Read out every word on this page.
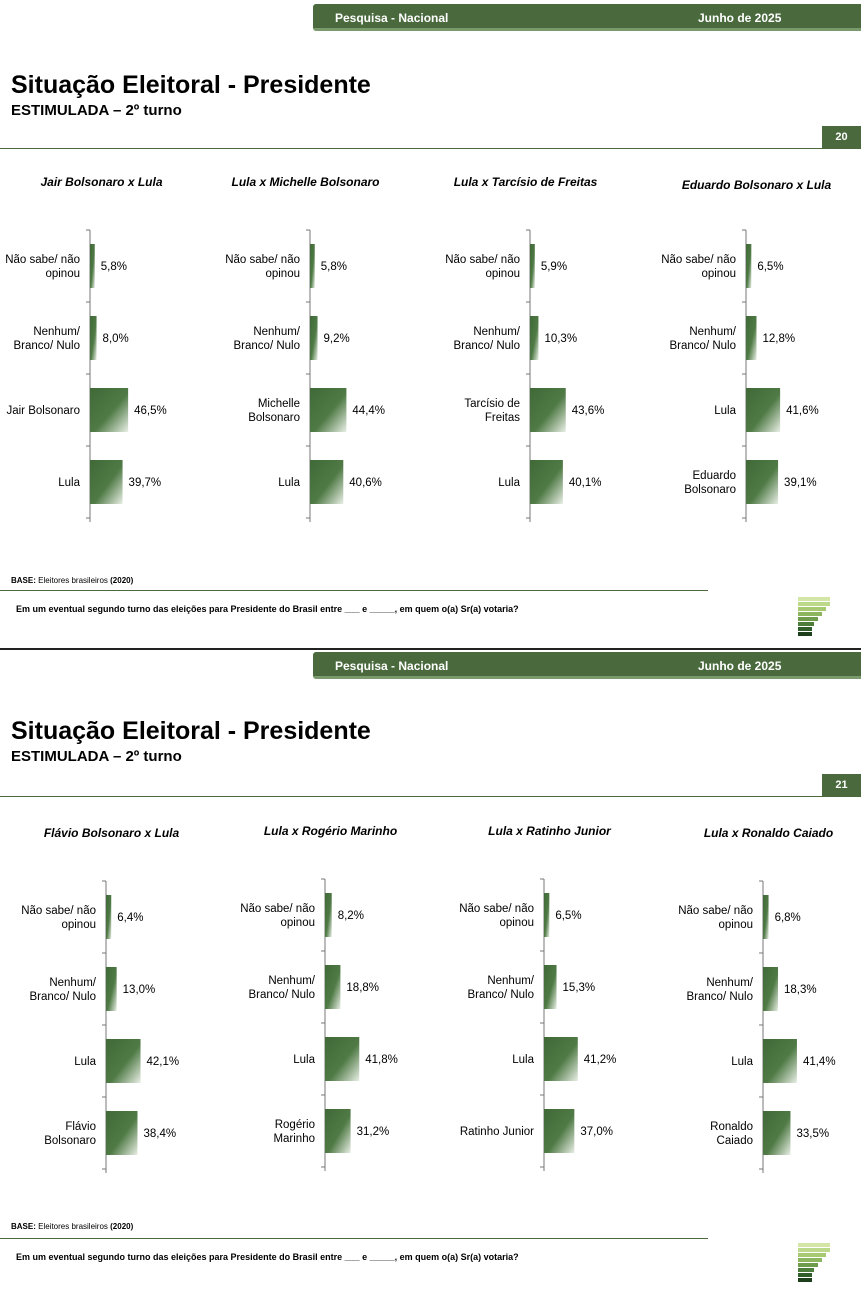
Pesquisa - Nacional	Junho de 2025
Situação Eleitoral - Presidente
ESTIMULADA – 2º turno
20
Jair Bolsonaro x Lula
5,8%
Não sabe/ não opinou
8,0%
Nenhum/ Branco/ Nulo
46,5%
Jair Bolsonaro
39,7%
Lula
Lula x Michelle Bolsonaro
5,8%
Não sabe/ não opinou
9,2%
Nenhum/ Branco/ Nulo
44,4%
Michelle Bolsonaro
40,6%
Lula
Lula x Tarcísio de Freitas
5,9%
Não sabe/ não opinou
10,3%
Nenhum/ Branco/ Nulo
43,6%
Tarcísio de Freitas
40,1%
Lula
Eduardo Bolsonaro x Lula
6,5%
Não sabe/ não opinou
12,8%
Nenhum/ Branco/ Nulo
41,6%
Lula
39,1%
Eduardo Bolsonaro
BASE: Eleitores brasileiros (2020)
Em um eventual segundo turno das eleições para Presidente do Brasil entre ___ e _____, em quem o(a) Sr(a) votaria?
Pesquisa - Nacional	Junho de 2025
Situação Eleitoral - Presidente
ESTIMULADA – 2º turno
21
Flávio Bolsonaro x Lula
6,4%
Não sabe/ não opinou
13,0%
Nenhum/ Branco/ Nulo
42,1%
Lula
38,4%
Flávio Bolsonaro
Lula x Rogério Marinho
8,2%
Não sabe/ não opinou
18,8%
Nenhum/ Branco/ Nulo
41,8%
Lula
31,2%
Rogério Marinho
Lula x Ratinho Junior
6,5%
Não sabe/ não opinou
15,3%
Nenhum/ Branco/ Nulo
41,2%
Lula
37,0%
Ratinho Junior
Lula x Ronaldo Caiado
6,8%
Não sabe/ não opinou
18,3%
Nenhum/ Branco/ Nulo
41,4%
Lula
33,5%
Ronaldo Caiado
BASE: Eleitores brasileiros (2020)
Em um eventual segundo turno das eleições para Presidente do Brasil entre ___ e _____, em quem o(a) Sr(a) votaria?
